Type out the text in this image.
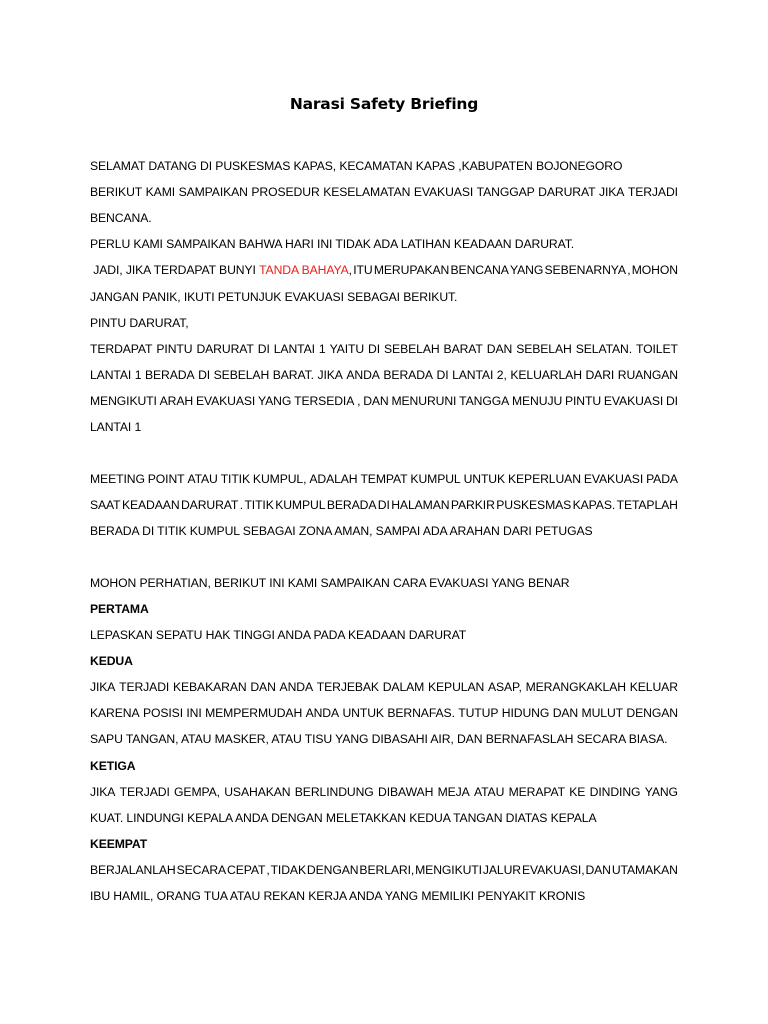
Narasi Safety Briefing
SELAMAT DATANG DI PUSKESMAS KAPAS, KECAMATAN KAPAS ,KABUPATEN BOJONEGORO
BERIKUT KAMI SAMPAIKAN PROSEDUR KESELAMATAN EVAKUASI TANGGAP DARURAT JIKA TERJADI
BENCANA.
PERLU KAMI SAMPAIKAN BAHWA HARI INI TIDAK ADA LATIHAN KEADAAN DARURAT.
JADI, JIKA TERDAPAT BUNYI TANDA BAHAYA, ITU MERUPAKAN BENCANA YANG SEBENARNYA , MOHON
JANGAN PANIK, IKUTI PETUNJUK EVAKUASI SEBAGAI BERIKUT.
PINTU DARURAT,
TERDAPAT PINTU DARURAT DI LANTAI 1 YAITU DI SEBELAH BARAT DAN SEBELAH SELATAN. TOILET
LANTAI 1 BERADA DI SEBELAH BARAT. JIKA ANDA BERADA DI LANTAI 2, KELUARLAH DARI RUANGAN
MENGIKUTI ARAH EVAKUASI YANG TERSEDIA , DAN MENURUNI TANGGA MENUJU PINTU EVAKUASI DI
LANTAI 1
MEETING POINT ATAU TITIK KUMPUL, ADALAH TEMPAT KUMPUL UNTUK KEPERLUAN EVAKUASI PADA
SAAT KEADAAN DARURAT . TITIK KUMPUL BERADA DI HALAMAN PARKIR PUSKESMAS KAPAS. TETAPLAH
BERADA DI TITIK KUMPUL SEBAGAI ZONA AMAN, SAMPAI ADA ARAHAN DARI PETUGAS
MOHON PERHATIAN, BERIKUT INI KAMI SAMPAIKAN CARA EVAKUASI YANG BENAR
PERTAMA
LEPASKAN SEPATU HAK TINGGI ANDA PADA KEADAAN DARURAT
KEDUA
JIKA TERJADI KEBAKARAN DAN ANDA TERJEBAK DALAM KEPULAN ASAP, MERANGKAKLAH KELUAR
KARENA POSISI INI MEMPERMUDAH ANDA UNTUK BERNAFAS. TUTUP HIDUNG DAN MULUT DENGAN
SAPU TANGAN, ATAU MASKER, ATAU TISU YANG DIBASAHI AIR, DAN BERNAFASLAH SECARA BIASA.
KETIGA
JIKA TERJADI GEMPA, USAHAKAN BERLINDUNG DIBAWAH MEJA ATAU MERAPAT KE DINDING YANG
KUAT. LINDUNGI KEPALA ANDA DENGAN MELETAKKAN KEDUA TANGAN DIATAS KEPALA
KEEMPAT
BERJALANLAH SECARA CEPAT , TIDAK DENGAN BERLARI, MENGIKUTI JALUR EVAKUASI, DAN UTAMAKAN
IBU HAMIL, ORANG TUA ATAU REKAN KERJA ANDA YANG MEMILIKI PENYAKIT KRONIS
